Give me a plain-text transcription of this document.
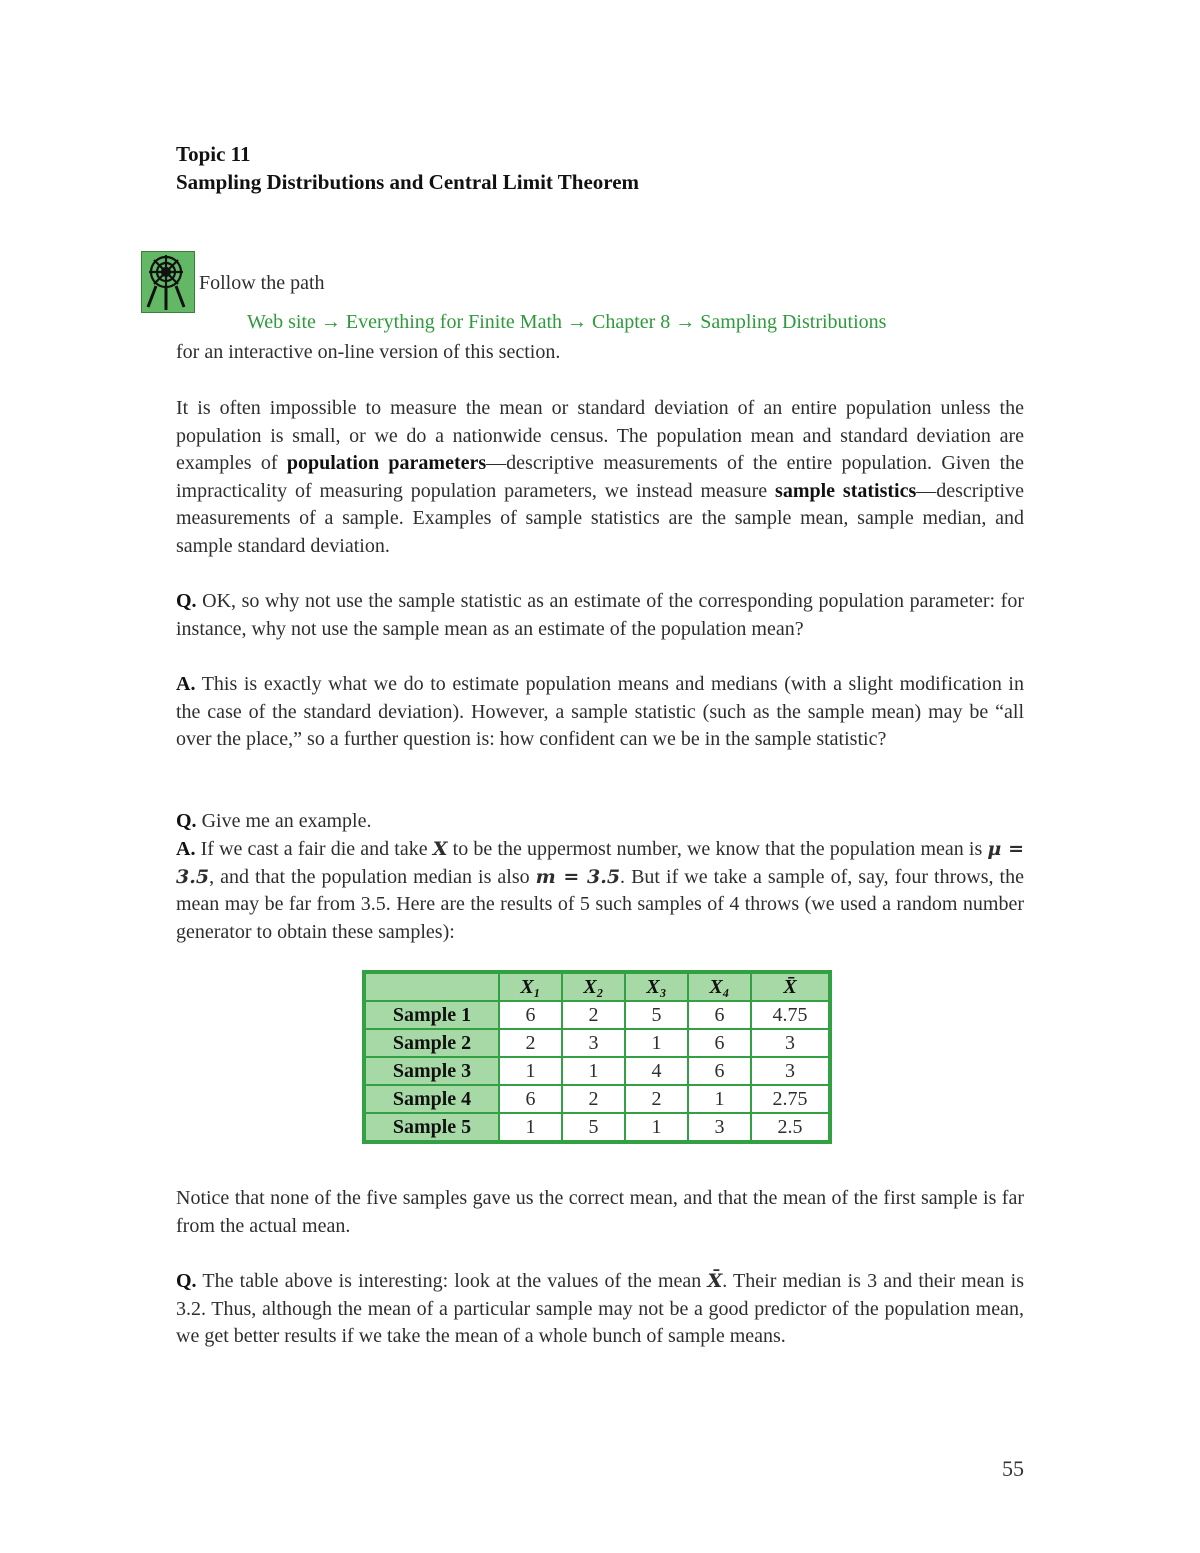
Topic 11
Sampling Distributions and Central Limit Theorem
Follow the path
Web site → Everything for Finite Math → Chapter 8 → Sampling Distributions
for an interactive on-line version of this section.
It is often impossible to measure the mean or standard deviation of an entire population unless the population is small, or we do a nationwide census. The population mean and standard deviation are examples of population parameters—descriptive measurements of the entire population. Given the impracticality of measuring population parameters, we instead measure sample statistics—descriptive measurements of a sample. Examples of sample statistics are the sample mean, sample median, and sample standard deviation.
Q. OK, so why not use the sample statistic as an estimate of the corresponding population parameter: for instance, why not use the sample mean as an estimate of the population mean?
A. This is exactly what we do to estimate population means and medians (with a slight modification in the case of the standard deviation). However, a sample statistic (such as the sample mean) may be “all over the place,” so a further question is: how confident can we be in the sample statistic?
Q. Give me an example.
A. If we cast a fair die and take X to be the uppermost number, we know that the population mean is μ = 3.5, and that the population median is also m = 3.5. But if we take a sample of, say, four throws, the mean may be far from 3.5. Here are the results of 5 such samples of 4 throws (we used a random number generator to obtain these samples):
	X₁	X₂	X₃	X₄	X̄
Sample 1	6	2	5	6	4.75
Sample 2	2	3	1	6	3
Sample 3	1	1	4	6	3
Sample 4	6	2	2	1	2.75
Sample 5	1	5	1	3	2.5
Notice that none of the five samples gave us the correct mean, and that the mean of the first sample is far from the actual mean.
Q. The table above is interesting: look at the values of the mean X̄. Their median is 3 and their mean is 3.2. Thus, although the mean of a particular sample may not be a good predictor of the population mean, we get better results if we take the mean of a whole bunch of sample means.
55
